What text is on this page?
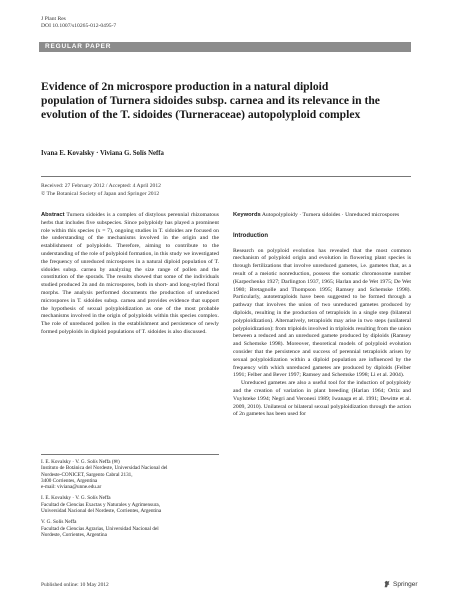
J Plant Res
DOI 10.1007/s10265-012-0495-7
REGULAR PAPER
Evidence of 2n microspore production in a natural diploid population of Turnera sidoides subsp. carnea and its relevance in the evolution of the T. sidoides (Turneraceae) autopolyploid complex
Ivana E. Kovalsky · Viviana G. Solís Neffa
Received: 27 February 2012 / Accepted: 4 April 2012
© The Botanical Society of Japan and Springer 2012

Abstract Turnera sidoides is a complex of distylous perennial rhizomatous herbs that includes five subspecies. Since polyploidy has played a prominent role within this species (x = 7), ongoing studies in T. sidoides are focused on the understanding of the mechanisms involved in the origin and the establishment of polyploids. Therefore, aiming to contribute to the understanding of the role of polyploid formation, in this study we investigated the frequency of unreduced microspores in a natural diploid population of T. sidoides subsp. carnea by analyzing the size range of pollen and the constitution of the sporads. The results showed that some of the individuals studied produced 2n and 4n microspores, both in short- and long-styled floral morphs. The analysis performed documents the production of unreduced microspores in T. sidoides subsp. carnea and provides evidence that support the hypothesis of sexual polyploidization as one of the most probable mechanisms involved in the origin of polyploids within this species complex. The role of unreduced pollen in the establishment and persistence of newly formed polyploids in diploid populations of T. sidoides is also discussed.

Keywords Autopolyploidy · Turnera sidoides · Unreduced microspores

Introduction

Research on polyploid evolution has revealed that the most common mechanism of polyploid origin and evolution in flowering plant species is through fertilizations that involve unreduced gametes, i.e. gametes that, as a result of a meiotic nonreduction, possess the somatic chromosome number (Karpechenko 1927; Darlington 1937, 1965; Harlan and de Wet 1975; De Wet 1980; Bretagnolle and Thompson 1995; Ramsey and Schemske 1998). Particularly, autotetraploids have been suggested to be formed through a pathway that involves the union of two unreduced gametes produced by diploids, resulting in the production of tetraploids in a single step (bilateral polyploidization). Alternatively, tetraploids may arise in two steps (unilateral polyploidization): from triploids involved in triploids resulting from the union between a reduced and an unreduced gamete produced by diploids (Ramsey and Schemske 1998). Moreover, theoretical models of polyploid evolution consider that the persistence and success of perennial tetraploids arisen by sexual polyploidization within a diploid population are influenced by the frequency with which unreduced gametes are produced by diploids (Felber 1991; Felber and Bever 1997; Ramsey and Schemske 1998; Li et al. 2004).

Unreduced gametes are also a useful tool for the induction of polyploidy and the creation of variation in plant breeding (Harlan 1964; Ortiz and Vuylsteke 1994; Negri and Veronesi 1989; Iwanaga et al. 1991; Dewitte et al. 2009, 2010). Unilateral or bilateral sexual polyploidization through the action of 2n gametes has been used for

I. E. Kovalsky · V. G. Solís Neffa (✉)
Instituto de Botánica del Nordeste, Universidad Nacional del
Nordeste-CONICET, Sargento Cabral 2131,
3400 Corrientes, Argentina
e-mail: viviana@unne.edu.ar
I. E. Kovalsky · V. G. Solís Neffa
Facultad de Ciencias Exactas y Naturales y Agrimensura,
Universidad Nacional del Nordeste, Corrientes, Argentina
V. G. Solís Neffa
Facultad de Ciencias Agrarias, Universidad Nacional del
Nordeste, Corrientes, Argentina
Published online: 10 May 2012	Springer
